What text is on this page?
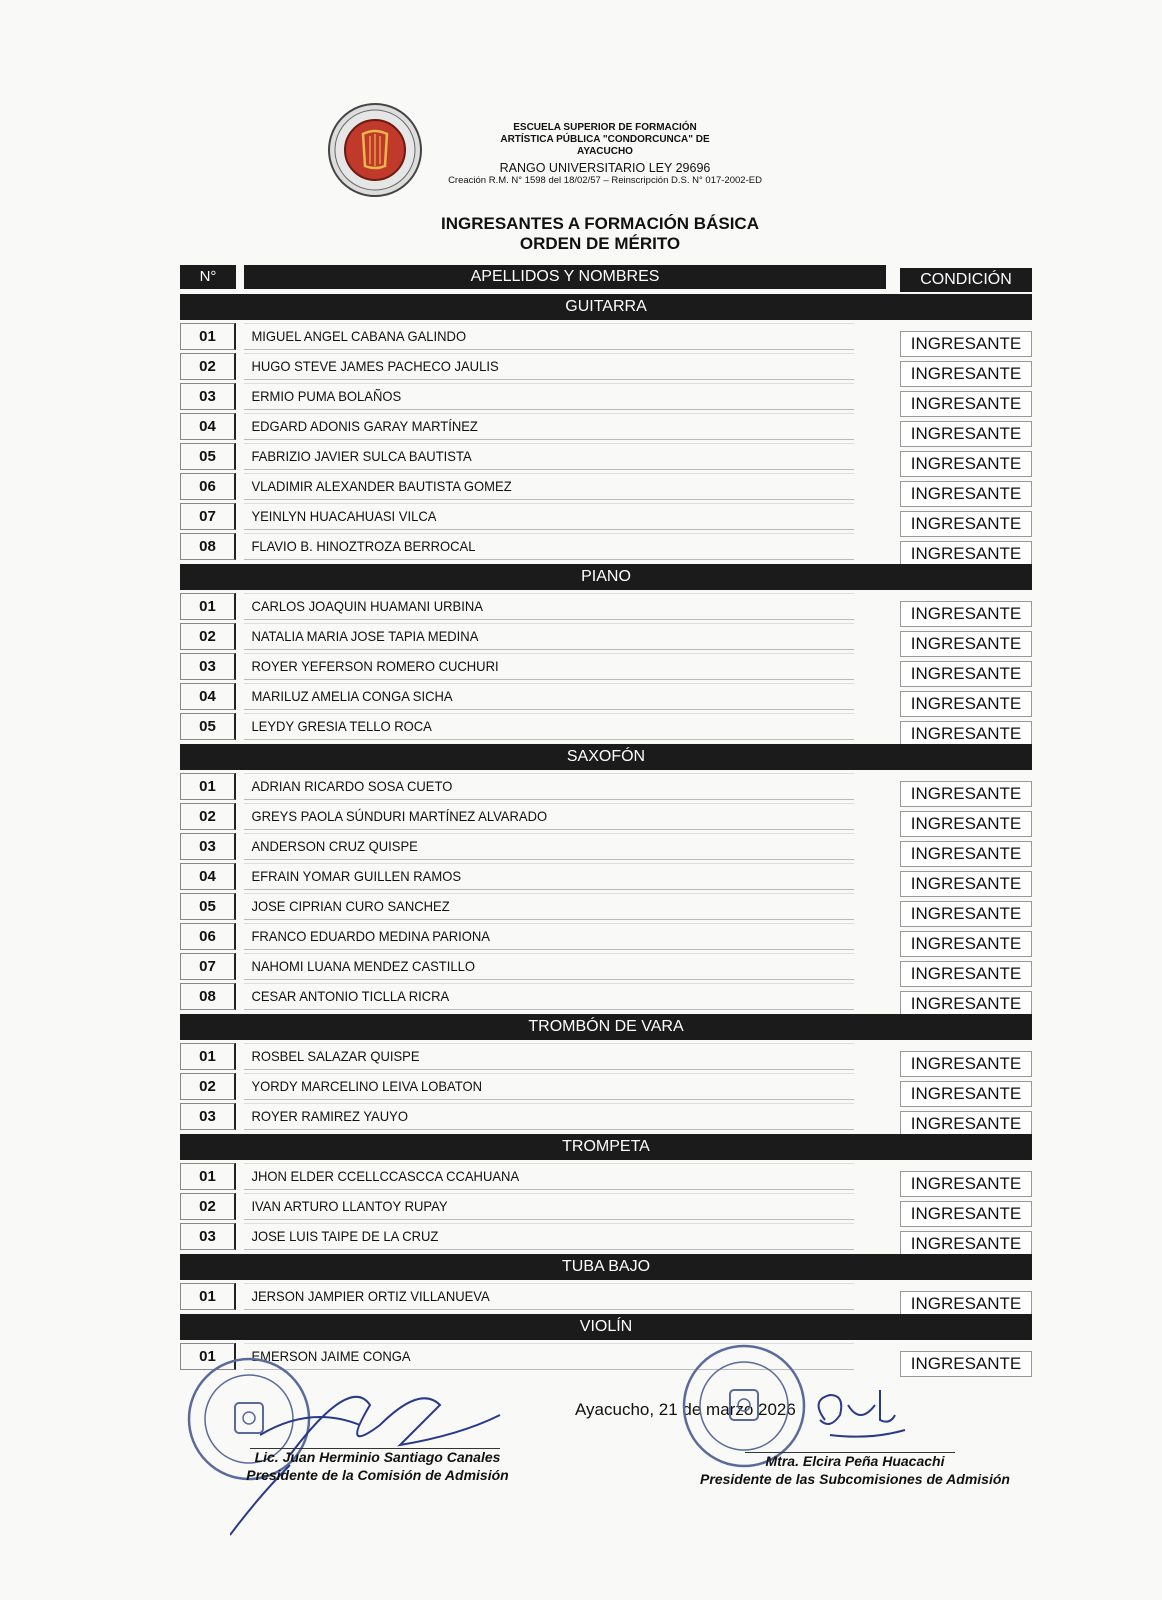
ESCUELA SUPERIOR DE FORMACIÓN
ARTÍSTICA PÚBLICA "CONDORCUNCA" DE
AYACUCHO
RANGO UNIVERSITARIO LEY 29696
Creación R.M. N° 1598 del 18/02/57 – Reinscripción D.S. N° 017-2002-ED
INGRESANTES A FORMACIÓN BÁSICA
ORDEN DE MÉRITO
N°	APELLIDOS Y NOMBRES	CONDICIÓN
GUITARRA
01	MIGUEL ANGEL CABANA GALINDO	INGRESANTE
02	HUGO STEVE JAMES PACHECO JAULIS	INGRESANTE
03	ERMIO PUMA BOLAÑOS	INGRESANTE
04	EDGARD ADONIS GARAY MARTÍNEZ	INGRESANTE
05	FABRIZIO JAVIER SULCA BAUTISTA	INGRESANTE
06	VLADIMIR ALEXANDER BAUTISTA GOMEZ	INGRESANTE
07	YEINLYN HUACAHUASI VILCA	INGRESANTE
08	FLAVIO B. HINOZTROZA BERROCAL	INGRESANTE
PIANO
01	CARLOS JOAQUIN HUAMANI URBINA	INGRESANTE
02	NATALIA MARIA JOSE TAPIA MEDINA	INGRESANTE
03	ROYER YEFERSON ROMERO CUCHURI	INGRESANTE
04	MARILUZ AMELIA CONGA SICHA	INGRESANTE
05	LEYDY GRESIA TELLO ROCA	INGRESANTE
SAXOFÓN
01	ADRIAN RICARDO SOSA CUETO	INGRESANTE
02	GREYS PAOLA SÚNDURI MARTÍNEZ ALVARADO	INGRESANTE
03	ANDERSON CRUZ QUISPE	INGRESANTE
04	EFRAIN YOMAR GUILLEN RAMOS	INGRESANTE
05	JOSE CIPRIAN CURO SANCHEZ	INGRESANTE
06	FRANCO EDUARDO MEDINA PARIONA	INGRESANTE
07	NAHOMI LUANA MENDEZ CASTILLO	INGRESANTE
08	CESAR ANTONIO TICLLA RICRA	INGRESANTE
TROMBÓN DE VARA
01	ROSBEL SALAZAR QUISPE	INGRESANTE
02	YORDY MARCELINO LEIVA LOBATON	INGRESANTE
03	ROYER RAMIREZ YAUYO	INGRESANTE
TROMPETA
01	JHON ELDER CCELLCCASCCA CCAHUANA	INGRESANTE
02	IVAN ARTURO LLANTOY RUPAY	INGRESANTE
03	JOSE LUIS TAIPE DE LA CRUZ	INGRESANTE
TUBA BAJO
01	JERSON JAMPIER ORTIZ VILLANUEVA	INGRESANTE
VIOLÍN
01	EMERSON JAIME CONGA	INGRESANTE
Ayacucho, 21 de marzo 2026
Lic. Juan Herminio Santiago Canales
Presidente de la Comisión de Admisión
Mtra. Elcira Peña Huacachi
Presidente de las Subcomisiones de Admisión
